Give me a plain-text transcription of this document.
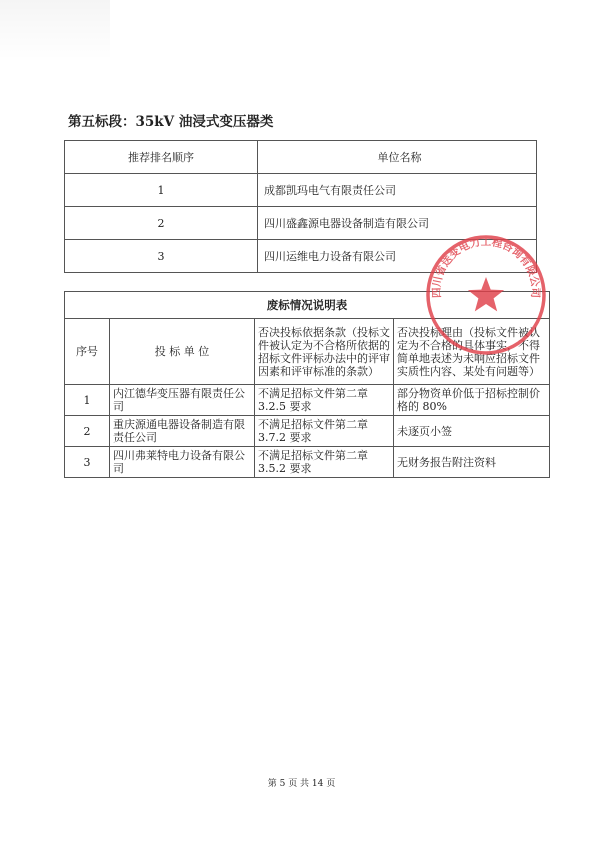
第五标段：35kV 油浸式变压器类
推荐排名顺序	单位名称
1	成都凯玛电气有限责任公司
2	四川盛鑫源电器设备制造有限公司
3	四川运维电力设备有限公司
废标情况说明表			
序号	投 标 单 位	否决投标依据条款（投标文件被认定为不合格所依据的招标文件评标办法中的评审因素和评审标准的条款）	否决投标理由（投标文件被认定为不合格的具体事实，不得简单地表述为未响应招标文件实质性内容、某处有问题等）
1	内江德华变压器有限责任公司	不满足招标文件第二章 3.2.5 要求	部分物资单价低于招标控制价格的 80%
2	重庆源通电器设备制造有限责任公司	不满足招标文件第二章 3.7.2 要求	未逐页小签
3	四川弗莱特电力设备有限公司	不满足招标文件第二章 3.5.2 要求	无财务报告附注资料
四川省送变电力工程咨询有限公司
第 5 页 共 14 页
